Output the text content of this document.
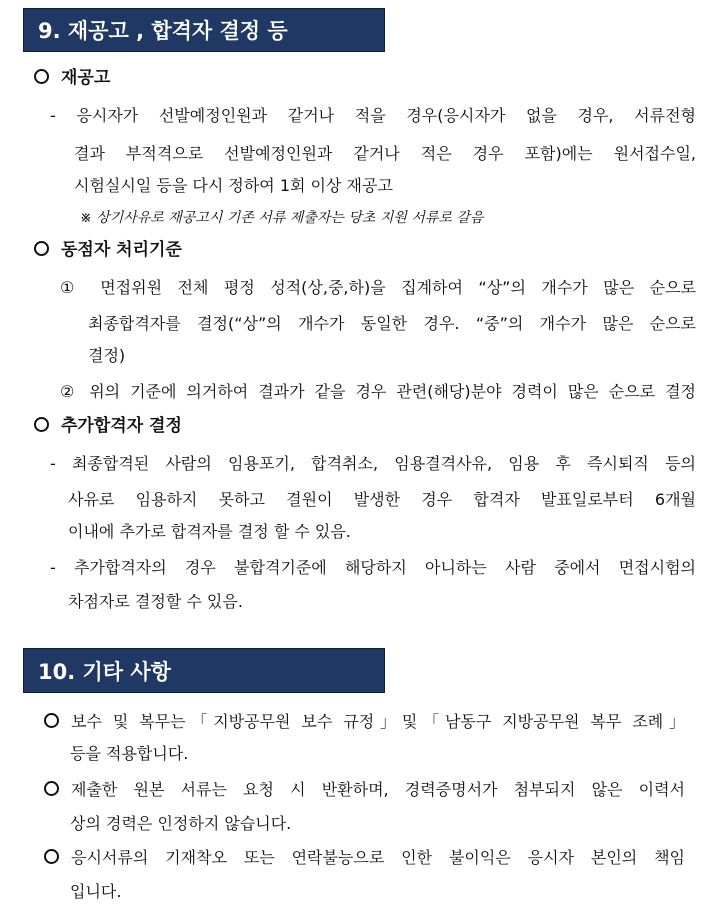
9. 재공고 , 합격자 결정 등
재공고
- 응시자가 선발예정인원과 같거나 적을 경우(응시자가 없을 경우, 서류전형
결과 부적격으로 선발예정인원과 같거나 적은 경우 포함)에는 원서접수일,
시험실시일 등을 다시 정하여 1회 이상 재공고
※ 상기사유로 재공고시 기존 서류 제출자는 당초 지원 서류로 갈음
동점자 처리기준
① 면접위원 전체 평정 성적(상,중,하)을 집계하여 “상”의 개수가 많은 순으로
최종합격자를 결정(“상”의 개수가 동일한 경우. “중”의 개수가 많은 순으로
결정)
② 위의 기준에 의거하여 결과가 같을 경우 관련(해당)분야 경력이 많은 순으로 결정
추가합격자 결정
- 최종합격된 사람의 임용포기, 합격취소, 임용결격사유, 임용 후 즉시퇴직 등의
사유로 임용하지 못하고 결원이 발생한 경우 합격자 발표일로부터 6개월
이내에 추가로 합격자를 결정 할 수 있음.
- 추가합격자의 경우 불합격기준에 해당하지 아니하는 사람 중에서 면접시험의
차점자로 결정할 수 있음.
10. 기타 사항
보수 및 복무는「지방공무원 보수 규정」및「남동구 지방공무원 복무 조례」
등을 적용합니다.
제출한 원본 서류는 요청 시 반환하며, 경력증명서가 첨부되지 않은 이력서
상의 경력은 인정하지 않습니다.
응시서류의 기재착오 또는 연락불능으로 인한 불이익은 응시자 본인의 책임
입니다.
